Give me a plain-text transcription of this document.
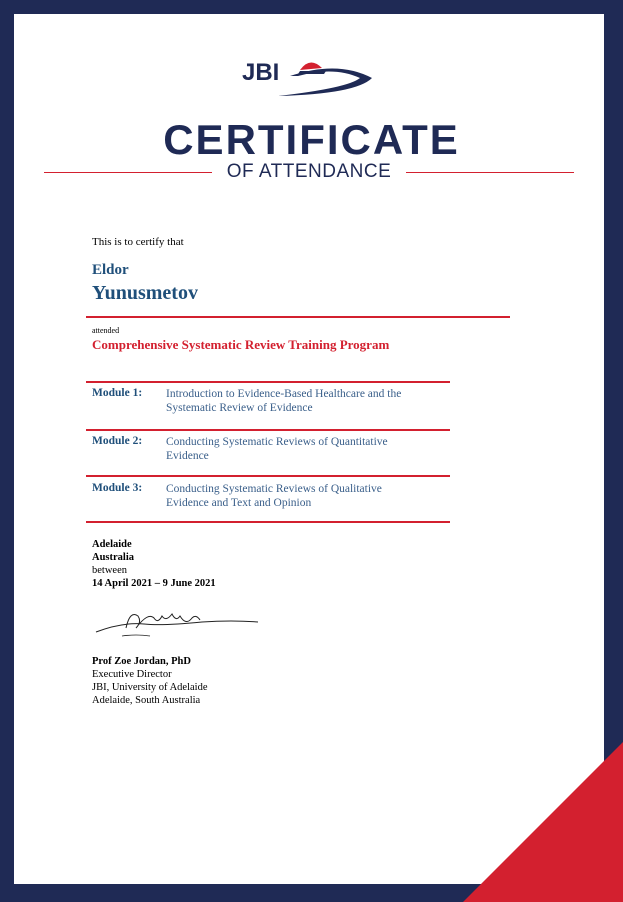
JBI
CERTIFICATE
OF ATTENDANCE
This is to certify that
Eldor
Yunusmetov
attended
Comprehensive Systematic Review Training Program
Module 1: Introduction to Evidence-Based Healthcare and the
Systematic Review of Evidence
Module 2: Conducting Systematic Reviews of Quantitative
Evidence
Module 3: Conducting Systematic Reviews of Qualitative
Evidence and Text and Opinion
Adelaide
Australia
between
14 April 2021 – 9 June 2021
Prof Zoe Jordan, PhD
Executive Director
JBI, University of Adelaide
Adelaide, South Australia
